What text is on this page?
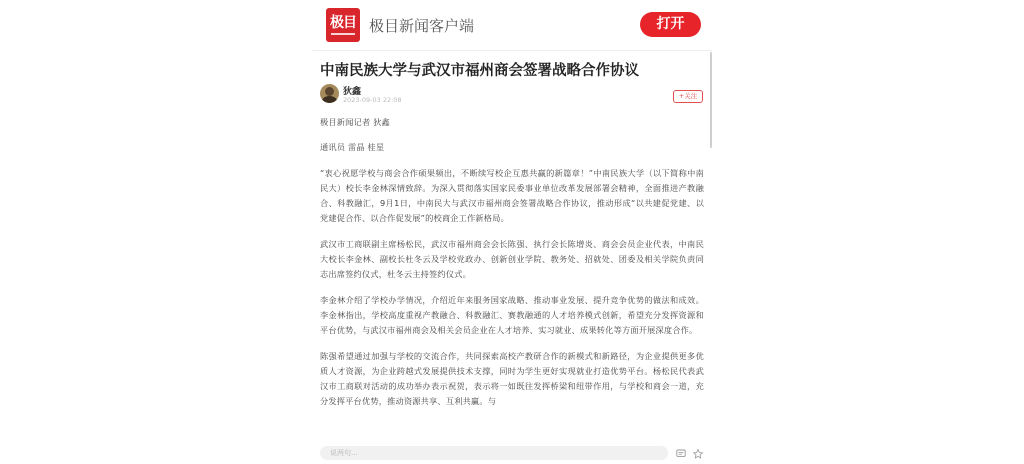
极目 极目新闻客户端	打开
中南民族大学与武汉市福州商会签署战略合作协议
狄鑫
2023-09-03 22:08	+关注

极目新闻记者 狄鑫

通讯员 雷晶 桂星

“衷心祝愿学校与商会合作硕果频出，不断续写校企互惠共赢的新篇章！”中南民族大学（以下简称中南民大）校长李金林深情致辞。为深入贯彻落实国家民委事业单位改革发展部署会精神，全面推进产教融合、科教融汇，9月1日，中南民大与武汉市福州商会签署战略合作协议，推动形成“以共建促党建、以党建促合作、以合作促发展”的校商企工作新格局。

武汉市工商联副主席杨松民，武汉市福州商会会长陈强、执行会长陈增炎、商会会员企业代表，中南民大校长李金林、副校长杜冬云及学校党政办、创新创业学院、教务处、招就处、团委及相关学院负责同志出席签约仪式，杜冬云主持签约仪式。

李金林介绍了学校办学情况，介绍近年来服务国家战略、推动事业发展、提升竞争优势的做法和成效。李金林指出，学校高度重视产教融合、科教融汇、赛教融通的人才培养模式创新，希望充分发挥资源和平台优势，与武汉市福州商会及相关会员企业在人才培养、实习就业、成果转化等方面开展深度合作。

陈强希望通过加强与学校的交流合作，共同探索高校产教研合作的新模式和新路径，为企业提供更多优质人才资源，为企业跨越式发展提供技术支撑，同时为学生更好实现就业打造优势平台。杨松民代表武汉市工商联对活动的成功举办表示祝贺，表示将一如既往发挥桥梁和纽带作用，与学校和商会一道，充分发挥平台优势，推动资源共享、互利共赢。与

说两句...
